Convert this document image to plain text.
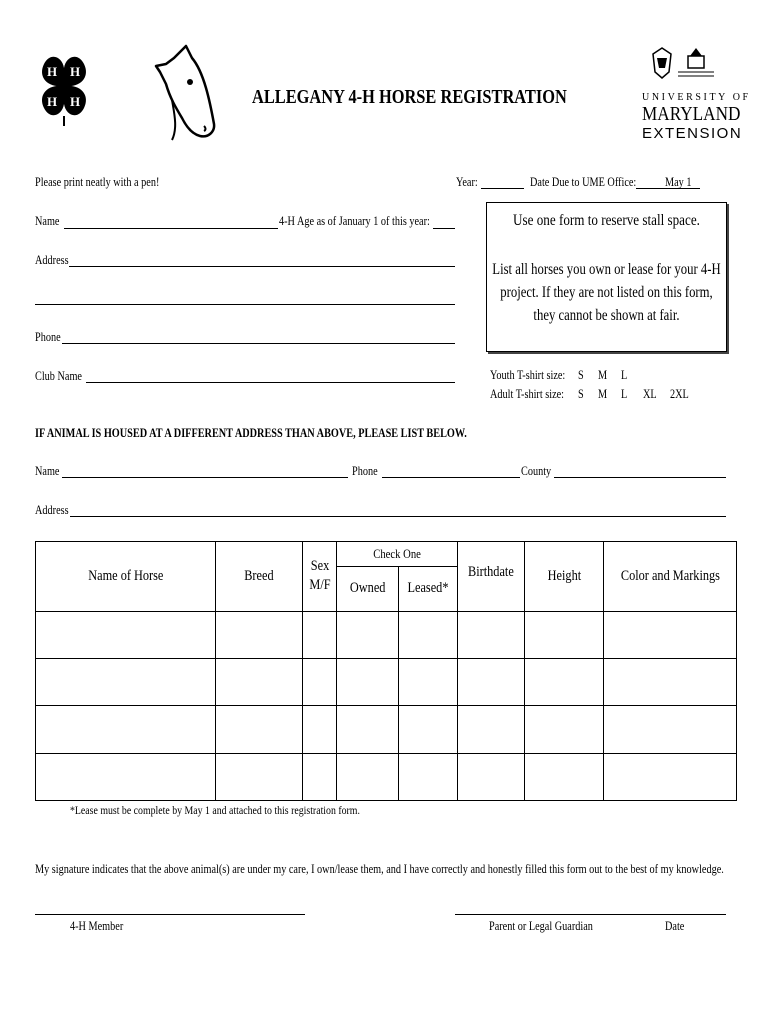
H H
H H	ALLEGANY 4-H HORSE REGISTRATION	UNIVERSITY OF
MARYLAND
EXTENSION
Please print neatly with a pen!	Year:	Date Due to UME Office: May 1
Name	4-H Age as of January 1 of this year:
Address
Phone
Club Name
Use one form to reserve stall space.
List all horses you own or lease for your 4-H project. If they are not listed on this form, they cannot be shown at fair.
Youth T-shirt size: S M L
Adult T-shirt size: S M L XL 2XL
IF ANIMAL IS HOUSED AT A DIFFERENT ADDRESS THAN ABOVE, PLEASE LIST BELOW.
Name	Phone	County
Address
Name of Horse	Breed	Sex M/F	Check One		Birthdate	Height	Color and Markings
			Owned	Leased*			

*Lease must be complete by May 1 and attached to this registration form.
My signature indicates that the above animal(s) are under my care, I own/lease them, and I have correctly and honestly filled this form out to the best of my knowledge.
4-H Member	Parent or Legal Guardian	Date
